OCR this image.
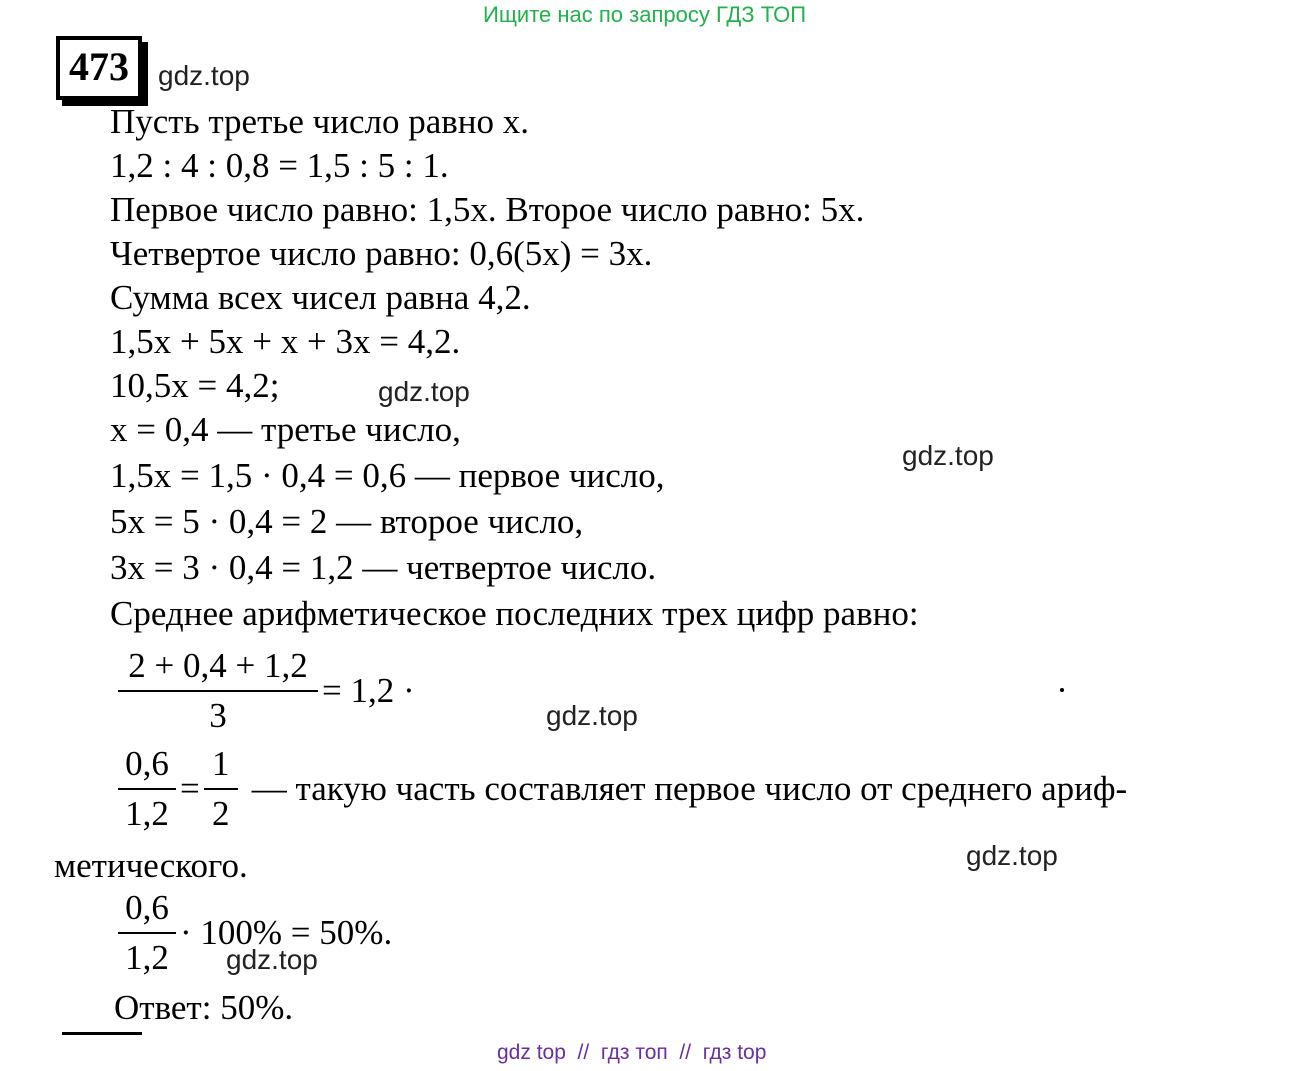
Ищите нас по запросу ГДЗ ТОП
473	gdz.top
Пусть третье число равно x.
1,2 : 4 : 0,8 = 1,5 : 5 : 1.
Первое число равно: 1,5x. Второе число равно: 5x.
Четвертое число равно: 0,6(5x) = 3x.
Сумма всех чисел равна 4,2.
1,5x + 5x + x + 3x = 4,2.
10,5x = 4,2;	gdz.top
x = 0,4 — третье число,
gdz.top
1,5x = 1,5 · 0,4 = 0,6 — первое число,
5x = 5 · 0,4 = 2 — второе число,
3x = 3 · 0,4 = 1,2 — четвертое число.
Среднее арифметическое последних трех цифр равно:
$\frac{2 + 0,4 + 1,2}{3} = 1,2$ ·
gdz.top
$\frac{0,6}{1,2} = \frac{1}{2}$ — такую часть составляет первое число от среднего ариф-
метического.	gdz.top
$\frac{0,6}{1,2} \cdot 100\% = 50\%$.
gdz.top
Ответ: 50%.
gdz top  //  гдз топ  //  гдз top
